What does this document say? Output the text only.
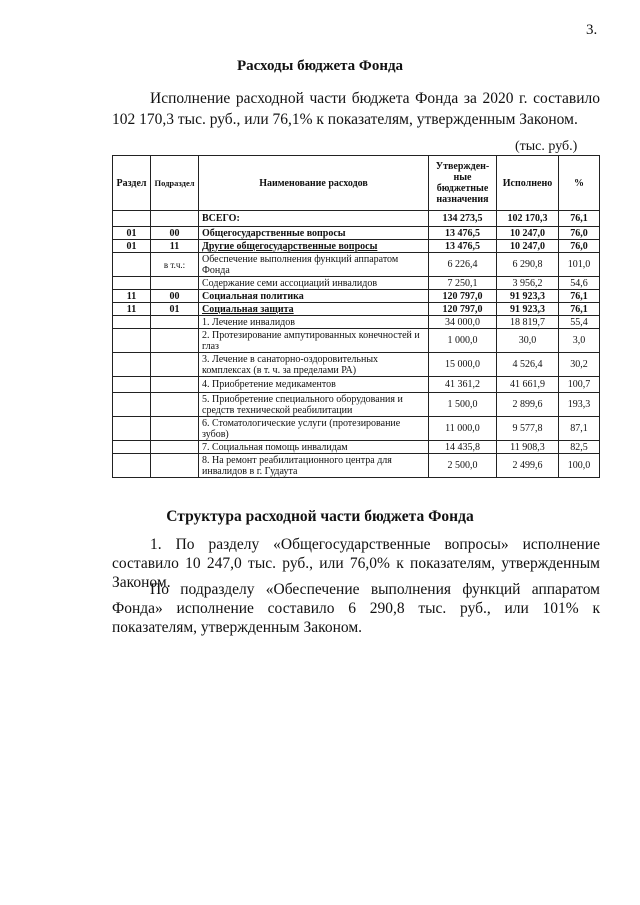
3.
Расходы бюджета Фонда

Исполнение расходной части бюджета Фонда за 2020 г. составило 102 170,3 тыс. руб., или 76,1% к показателям, утвержденным Законом.

(тыс. руб.)
Раздел	Подраздел	Наименование расходов	Утвержден-ные бюджетные назначения	Исполнено	%
		ВСЕГО:	134 273,5	102 170,3	76,1
01	00	Общегосударственные вопросы	13 476,5	10 247,0	76,0
01	11	Другие общегосударственные вопросы	13 476,5	10 247,0	76,0
	в т.ч.:	Обеспечение выполнения функций аппаратом Фонда	6 226,4	6 290,8	101,0
		Содержание семи ассоциаций инвалидов	7 250,1	3 956,2	54,6
11	00	Социальная политика	120 797,0	91 923,3	76,1
11	01	Социальная защита	120 797,0	91 923,3	76,1
		1. Лечение инвалидов	34 000,0	18 819,7	55,4
		2. Протезирование ампутированных конечностей и глаз	1 000,0	30,0	3,0
		3. Лечение в санаторно-оздоровительных комплексах (в т. ч. за пределами РА)	15 000,0	4 526,4	30,2
		4. Приобретение медикаментов	41 361,2	41 661,9	100,7
		5. Приобретение специального оборудования и средств технической реабилитации	1 500,0	2 899,6	193,3
		6. Стоматологические услуги (протезирование зубов)	11 000,0	9 577,8	87,1
		7. Социальная помощь инвалидам	14 435,8	11 908,3	82,5
		8. На ремонт реабилитационного центра для инвалидов в г. Гудаута	2 500,0	2 499,6	100,0
Структура расходной части бюджета Фонда

1. По разделу «Общегосударственные вопросы» исполнение составило 10 247,0 тыс. руб., или 76,0% к показателям, утвержденным Законом.

По подразделу «Обеспечение выполнения функций аппаратом Фонда» исполнение составило 6 290,8 тыс. руб., или 101% к показателям, утвержденным Законом.
